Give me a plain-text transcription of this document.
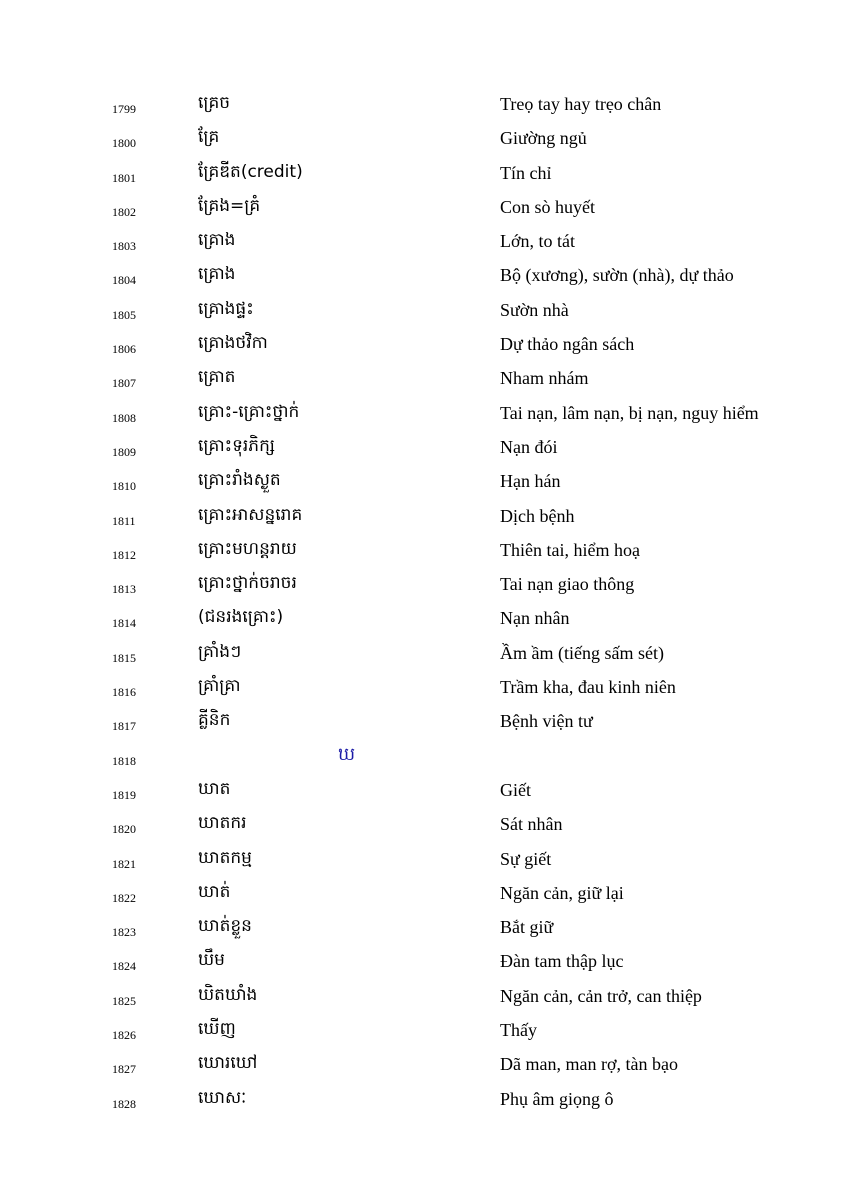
1799	គ្រេច	Treọ tay hay trẹo chân
1800	គ្រែ	Giường ngủ
1801	គ្រែឌីត(credit)	Tín chỉ
1802	គ្រែង=គ្រំ	Con sò huyết
1803	គ្រោង	Lớn, to tát
1804	គ្រោង	Bộ (xương), sườn (nhà), dự thảo
1805	គ្រោងផ្ទះ	Sườn nhà
1806	គ្រោងថវិកា	Dự thảo ngân sách
1807	គ្រោត	Nham nhám
1808	គ្រោះ-គ្រោះថ្នាក់	Tai nạn, lâm nạn, bị nạn, nguy hiểm
1809	គ្រោះទុរភិក្ស	Nạn đói
1810	គ្រោះរាំងស្ងួត	Hạn hán
1811	គ្រោះអាសន្នរោគ	Dịch bệnh
1812	គ្រោះមហន្តរាយ	Thiên tai, hiểm hoạ
1813	គ្រោះថ្នាក់ចរាចរ	Tai nạn giao thông
1814	(ជនរងគ្រោះ)	Nạn nhân
1815	គ្រាំងៗ	Ầm ầm (tiếng sấm sét)
1816	គ្រាំគ្រា	Trầm kha, đau kinh niên
1817	គ្លីនិក	Bệnh viện tư
1818	ឃ
1819	ឃាត	Giết
1820	ឃាតករ	Sát nhân
1821	ឃាតកម្ម	Sự giết
1822	ឃាត់	Ngăn cản, giữ lại
1823	ឃាត់ខ្លួន	Bắt giữ
1824	ឃឹម	Đàn tam thập lục
1825	ឃិតឃាំង	Ngăn cản, cản trở, can thiệp
1826	ឃើញ	Thấy
1827	ឃោរឃៅ	Dã man, man rợ, tàn bạo
1828	ឃោសៈ	Phụ âm giọng ô
